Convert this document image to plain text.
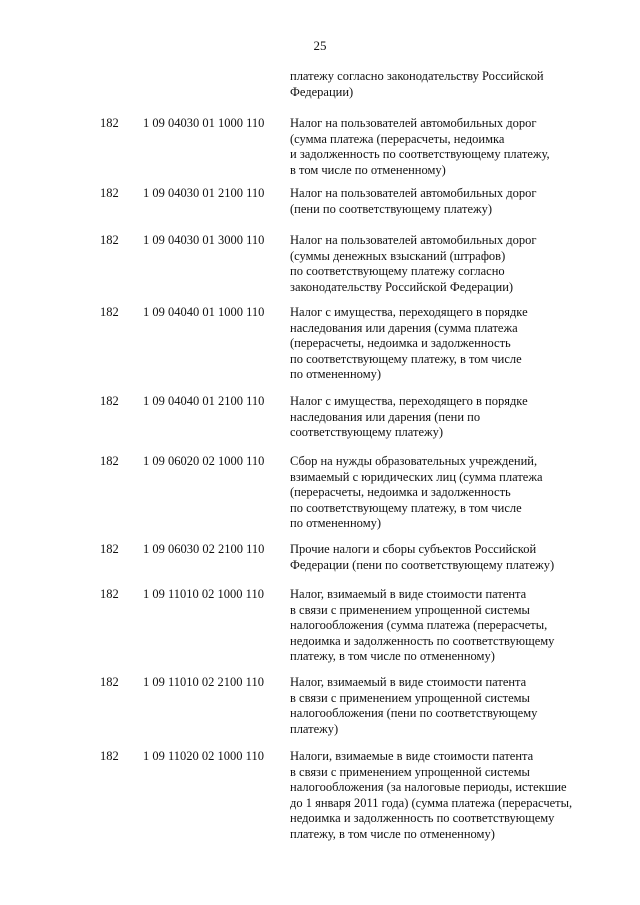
25
платежу согласно законодательству Российской
Федерации)
182	1 09 04030 01 1000 110	Налог на пользователей автомобильных дорог
(сумма платежа (перерасчеты, недоимка
и задолженность по соответствующему платежу,
в том числе по отмененному)
182	1 09 04030 01 2100 110	Налог на пользователей автомобильных дорог
(пени по соответствующему платежу)
182	1 09 04030 01 3000 110	Налог на пользователей автомобильных дорог
(суммы денежных взысканий (штрафов)
по соответствующему платежу согласно
законодательству Российской Федерации)
182	1 09 04040 01 1000 110	Налог с имущества, переходящего в порядке
наследования или дарения (сумма платежа
(перерасчеты, недоимка и задолженность
по соответствующему платежу, в том числе
по отмененному)
182	1 09 04040 01 2100 110	Налог с имущества, переходящего в порядке
наследования или дарения (пени по
соответствующему платежу)
182	1 09 06020 02 1000 110	Сбор на нужды образовательных учреждений,
взимаемый с юридических лиц (сумма платежа
(перерасчеты, недоимка и задолженность
по соответствующему платежу, в том числе
по отмененному)
182	1 09 06030 02 2100 110	Прочие налоги и сборы субъектов Российской
Федерации (пени по соответствующему платежу)
182	1 09 11010 02 1000 110	Налог, взимаемый в виде стоимости патента
в связи с применением упрощенной системы
налогообложения (сумма платежа (перерасчеты,
недоимка и задолженность по соответствующему
платежу, в том числе по отмененному)
182	1 09 11010 02 2100 110	Налог, взимаемый в виде стоимости патента
в связи с применением упрощенной системы
налогообложения (пени по соответствующему
платежу)
182	1 09 11020 02 1000 110	Налоги, взимаемые в виде стоимости патента
в связи с применением упрощенной системы
налогообложения (за налоговые периоды, истекшие
до 1 января 2011 года) (сумма платежа (перерасчеты,
недоимка и задолженность по соответствующему
платежу, в том числе по отмененному)
